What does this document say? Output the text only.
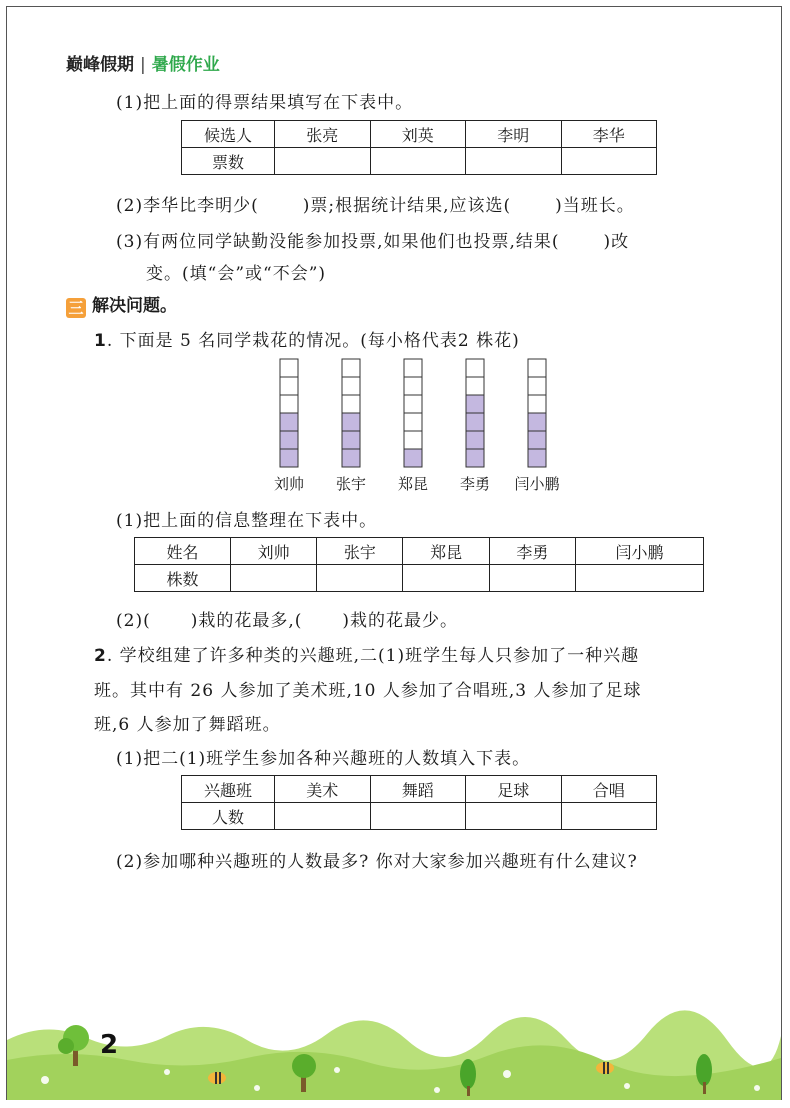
巅峰假期 | 暑假作业
(1)把上面的得票结果填写在下表中。
候选人	张亮	刘英	李明	李华
票数				
(2)李华比李明少(	)票;根据统计结果,应该选(	)当班长。
(3)有两位同学缺勤没能参加投票,如果他们也投票,结果(	)改
变。(填“会”或“不会”)
三 解决问题。
1. 下面是 5 名同学栽花的情况。(每小格代表2 株花)
刘帅 张宇 郑昆 李勇 闫小鹏
(1)把上面的信息整理在下表中。
姓名	刘帅	张宇	郑昆	李勇	闫小鹏
株数					
(2)( )栽的花最多,( )栽的花最少。
2. 学校组建了许多种类的兴趣班,二(1)班学生每人只参加了一种兴趣
班。其中有 26 人参加了美术班,10 人参加了合唱班,3 人参加了足球
班,6 人参加了舞蹈班。
(1)把二(1)班学生参加各种兴趣班的人数填入下表。
兴趣班	美术	舞蹈	足球	合唱
人数				
(2)参加哪种兴趣班的人数最多? 你对大家参加兴趣班有什么建议?
2
